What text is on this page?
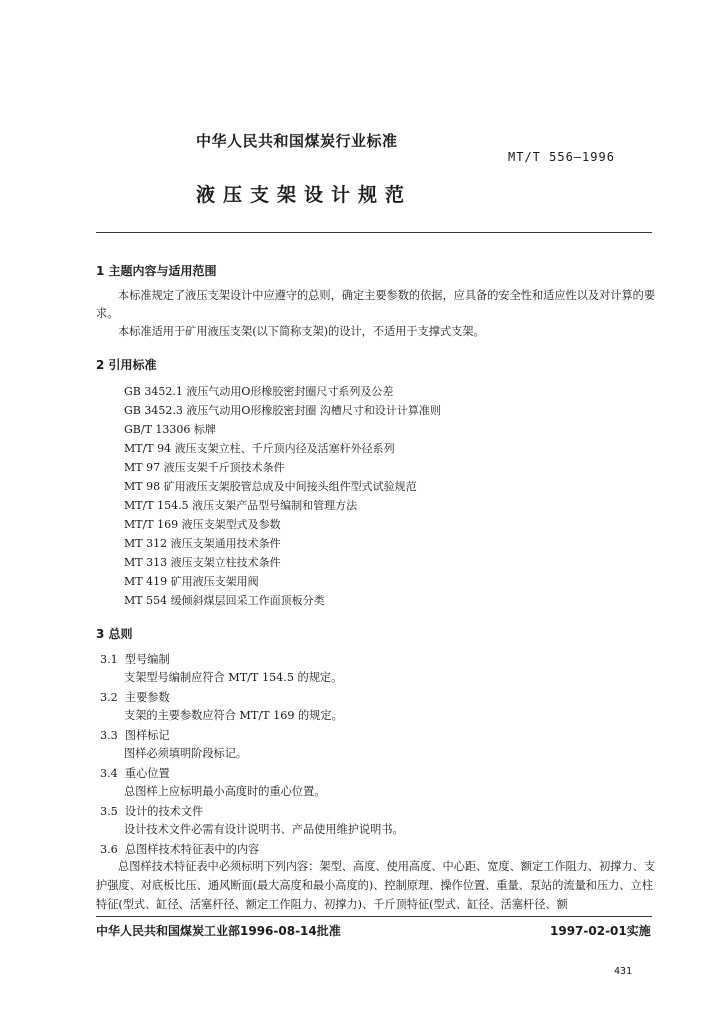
中华人民共和国煤炭行业标准
MT/T 556—1996
液压支架设计规范
1 主题内容与适用范围
本标准规定了液压支架设计中应遵守的总则，确定主要参数的依据，应具备的安全性和适应性以及对计算的要求。
本标准适用于矿用液压支架(以下简称支架)的设计，不适用于支撑式支架。
2 引用标准
GB 3452.1 液压气动用O形橡胶密封圈尺寸系列及公差
GB 3452.3 液压气动用O形橡胶密封圈 沟槽尺寸和设计计算准则
GB/T 13306 标牌
MT/T 94 液压支架立柱、千斤顶内径及活塞杆外径系列
MT 97 液压支架千斤顶技术条件
MT 98 矿用液压支架胶管总成及中间接头组件型式试验规范
MT/T 154.5 液压支架产品型号编制和管理方法
MT/T 169 液压支架型式及参数
MT 312 液压支架通用技术条件
MT 313 液压支架立柱技术条件
MT 419 矿用液压支架用阀
MT 554 缓倾斜煤层回采工作面顶板分类
3 总则
3.1 型号编制
支架型号编制应符合 MT/T 154.5 的规定。
3.2 主要参数
支架的主要参数应符合 MT/T 169 的规定。
3.3 图样标记
图样必须填明阶段标记。
3.4 重心位置
总图样上应标明最小高度时的重心位置。
3.5 设计的技术文件
设计技术文件必需有设计说明书、产品使用维护说明书。
3.6 总图样技术特征表中的内容
总图样技术特征表中必须标明下列内容：架型、高度、使用高度、中心距、宽度、额定工作阻力、初撑力、支护强度、对底板比压、通风断面(最大高度和最小高度的)、控制原理、操作位置、重量、泵站的流量和压力、立柱特征(型式、缸径、活塞杆径、额定工作阻力、初撑力)、千斤顶特征(型式、缸径、活塞杆径、额
中华人民共和国煤炭工业部1996-08-14批准	1997-02-01实施
431
